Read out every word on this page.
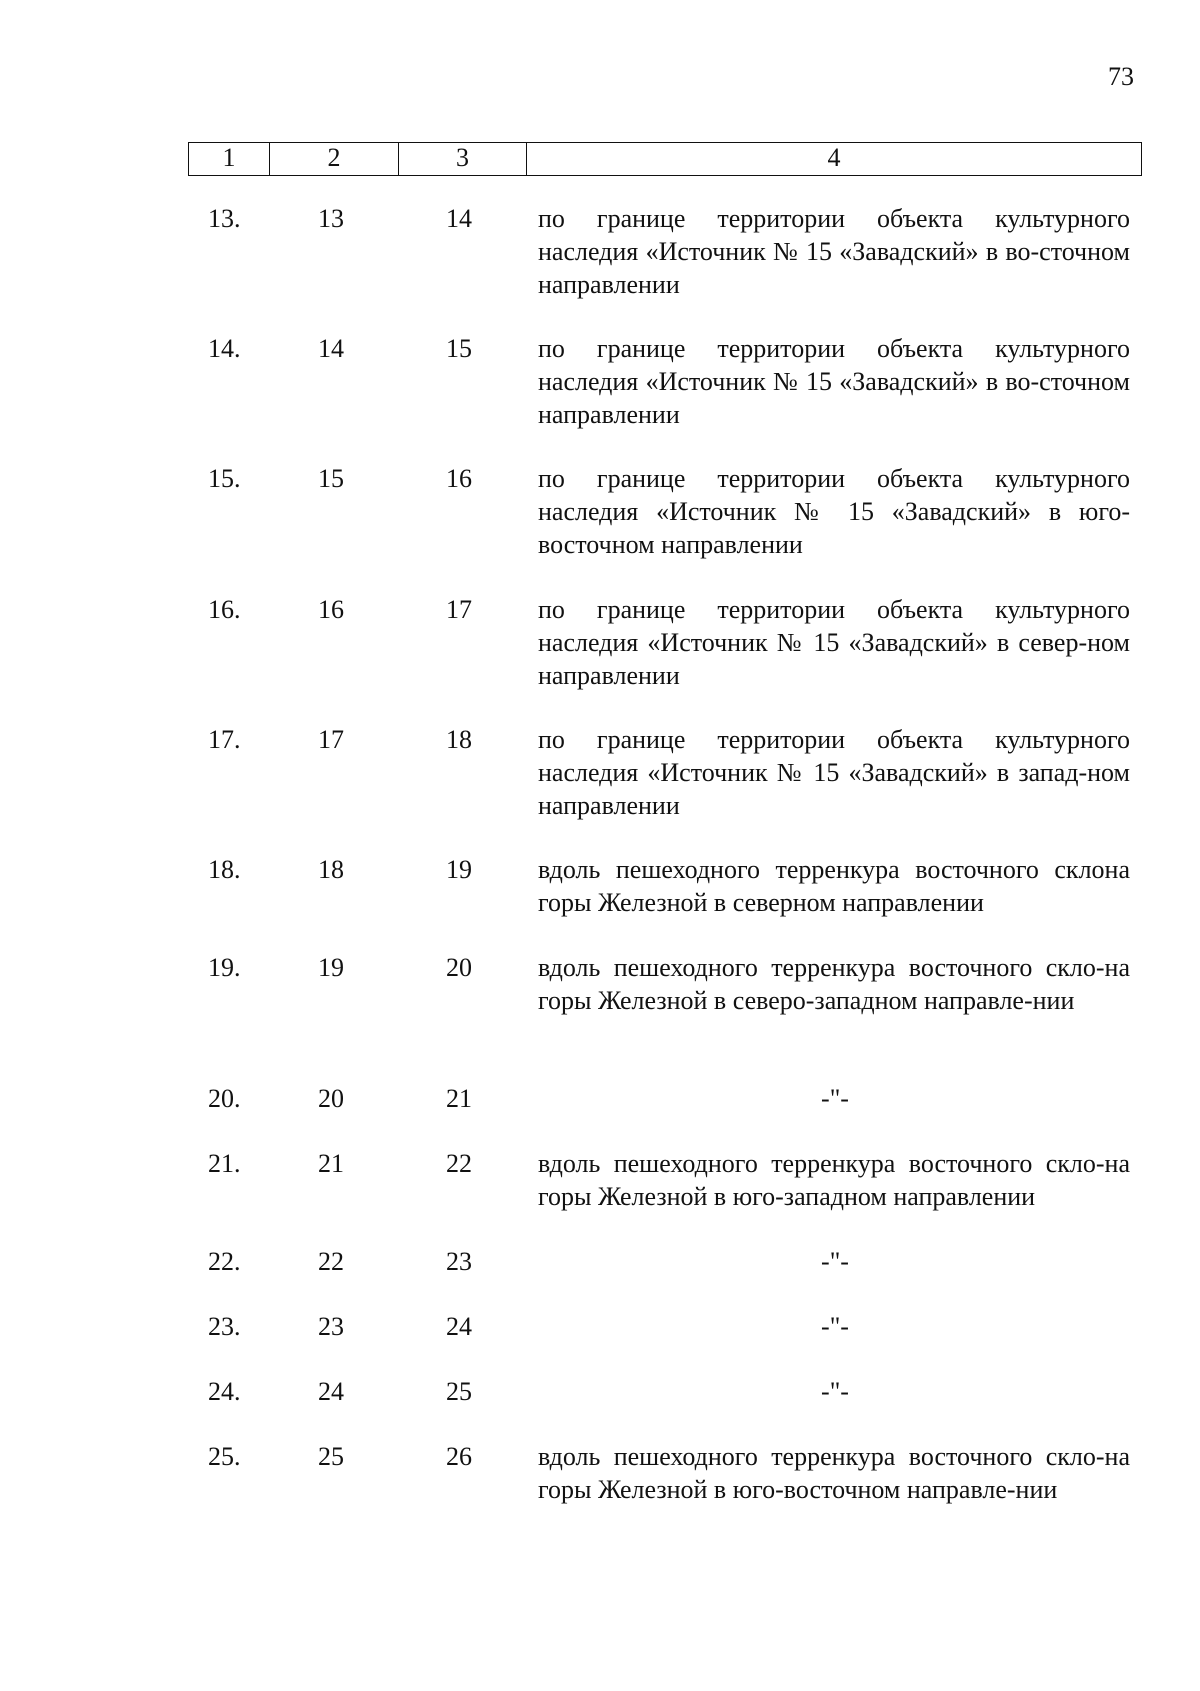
73
1	2	3	4
13.	13	14	по границе территории объекта культурного наследия «Источник № 15 «Завадский» в во-сточном направлении
14.	14	15	по границе территории объекта культурного наследия «Источник № 15 «Завадский» в во-сточном направлении
15.	15	16	по границе территории объекта культурного наследия «Источник № 15 «Завадский» в юго-восточном направлении
16.	16	17	по границе территории объекта культурного наследия «Источник № 15 «Завадский» в север-ном направлении
17.	17	18	по границе территории объекта культурного наследия «Источник № 15 «Завадский» в запад-ном направлении
18.	18	19	вдоль пешеходного терренкура восточного склона горы Железной в северном направлении
19.	19	20	вдоль пешеходного терренкура восточного скло-на горы Железной в северо-западном направле-нии
20.	20	21	-"-
21.	21	22	вдоль пешеходного терренкура восточного скло-на горы Железной в юго-западном направлении
22.	22	23	-"-
23.	23	24	-"-
24.	24	25	-"-
25.	25	26	вдоль пешеходного терренкура восточного скло-на горы Железной в юго-восточном направле-нии
